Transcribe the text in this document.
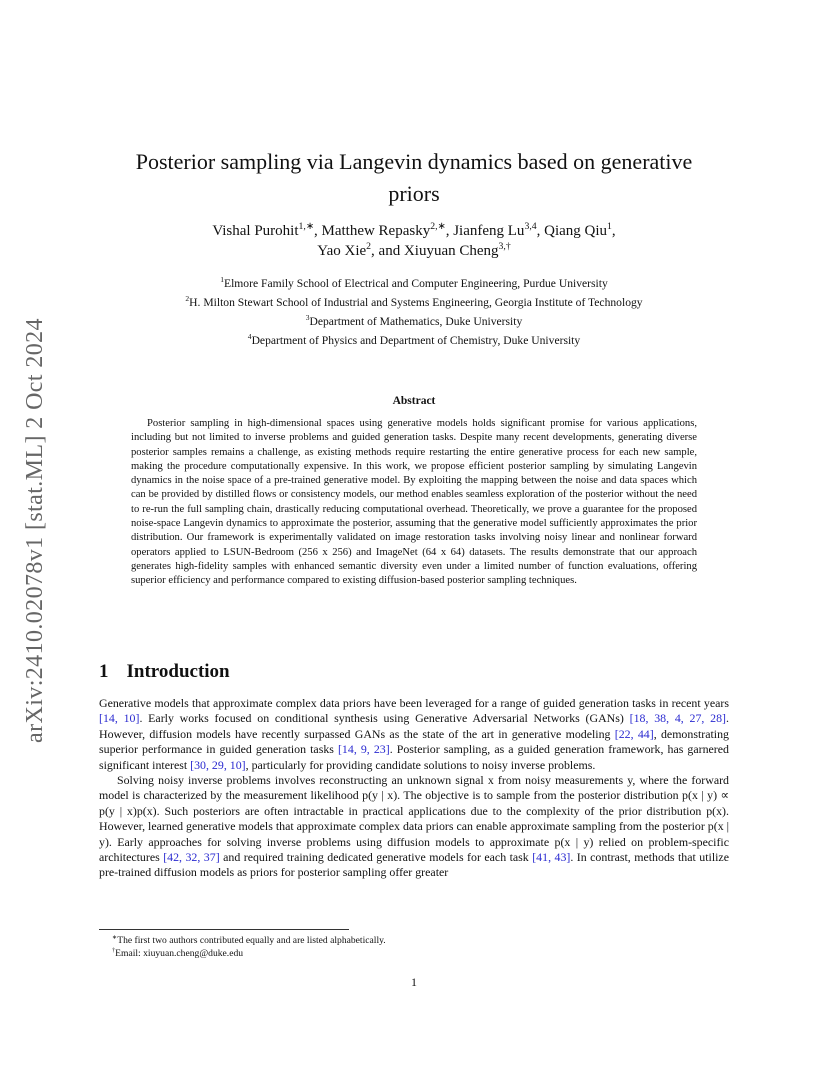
arXiv:2410.02078v1 [stat.ML] 2 Oct 2024
Posterior sampling via Langevin dynamics based on generative priors
Vishal Purohit$^{1,∗}$, Matthew Repasky$^{2,∗}$, Jianfeng Lu$^{3,4}$, Qiang Qiu$^1$,
Yao Xie$^2$, and Xiuyuan Cheng$^{3,\dagger}$
$^1$Elmore Family School of Electrical and Computer Engineering, Purdue University
$^2$H. Milton Stewart School of Industrial and Systems Engineering, Georgia Institute of Technology
$^3$Department of Mathematics, Duke University
$^4$Department of Physics and Department of Chemistry, Duke University
Abstract

Posterior sampling in high-dimensional spaces using generative models holds significant promise for various applications, including but not limited to inverse problems and guided generation tasks. Despite many recent developments, generating diverse posterior samples remains a challenge, as existing methods require restarting the entire generative process for each new sample, making the procedure computationally expensive. In this work, we propose efficient posterior sampling by simulating Langevin dynamics in the noise space of a pre-trained generative model. By exploiting the mapping between the noise and data spaces which can be provided by distilled flows or consistency models, our method enables seamless exploration of the posterior without the need to re-run the full sampling chain, drastically reducing computational overhead. Theoretically, we prove a guarantee for the proposed noise-space Langevin dynamics to approximate the posterior, assuming that the generative model sufficiently approximates the prior distribution. Our framework is experimentally validated on image restoration tasks involving noisy linear and nonlinear forward operators applied to LSUN-Bedroom (256 x 256) and ImageNet (64 x 64) datasets. The results demonstrate that our approach generates high-fidelity samples with enhanced semantic diversity even under a limited number of function evaluations, offering superior efficiency and performance compared to existing diffusion-based posterior sampling techniques.

1 Introduction

Generative models that approximate complex data priors have been leveraged for a range of guided generation tasks in recent years [14, 10]. Early works focused on conditional synthesis using Generative Adversarial Networks (GANs) [18, 38, 4, 27, 28]. However, diffusion models have recently surpassed GANs as the state of the art in generative modeling [22, 44], demonstrating superior performance in guided generation tasks [14, 9, 23]. Posterior sampling, as a guided generation framework, has garnered significant interest [30, 29, 10], particularly for providing candidate solutions to noisy inverse problems.

Solving noisy inverse problems involves reconstructing an unknown signal x from noisy measurements y, where the forward model is characterized by the measurement likelihood p(y | x). The objective is to sample from the posterior distribution p(x | y) ∝ p(y | x)p(x). Such posteriors are often intractable in practical applications due to the complexity of the prior distribution p(x). However, learned generative models that approximate complex data priors can enable approximate sampling from the posterior p(x | y). Early approaches for solving inverse problems using diffusion models to approximate p(x | y) relied on problem-specific architectures [42, 32, 37] and required training dedicated generative models for each task [41, 43]. In contrast, methods that utilize pre-trained diffusion models as priors for posterior sampling offer greater

∗The first two authors contributed equally and are listed alphabetically.
†Email: xiuyuan.cheng@duke.edu
1
